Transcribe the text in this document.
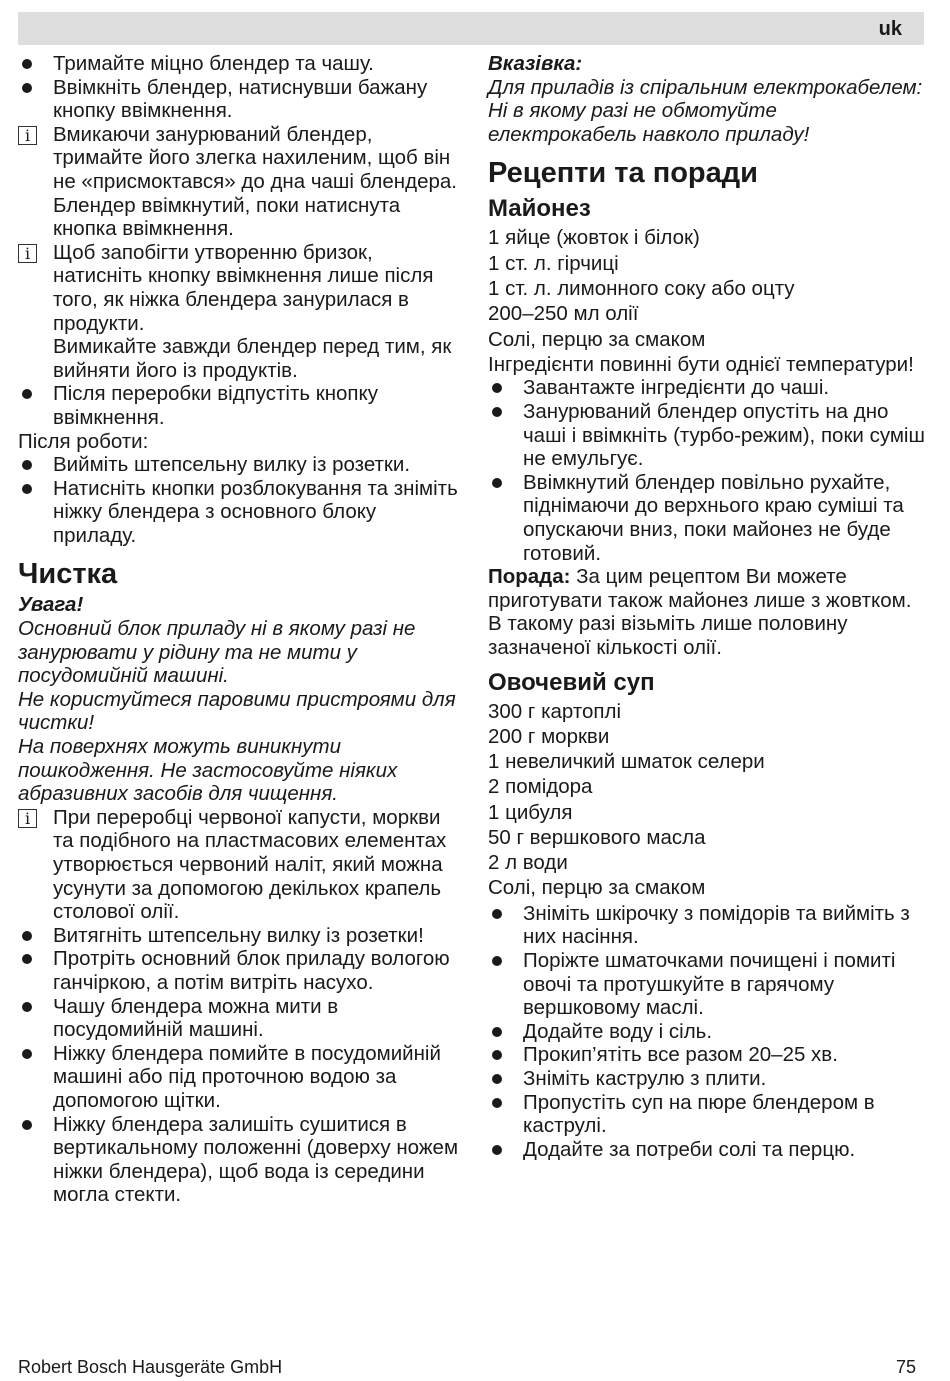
uk
Тримайте міцно блендер та чашу.
Ввімкніть блендер, натиснувши бажану кнопку ввімкнення.
i	Вмикаючи занурюваний блендер, тримайте його злегка нахиленим, щоб він не «присмоктався» до дна чаші блендера. Блендер ввімкнутий, поки натиснута кнопка ввімкнення.
i	Щоб запобігти утворенню бризок, натисніть кнопку ввімкнення лише після того, як ніжка блендера занурилася в продукти.
Вимикайте завжди блендер перед тим, як вийняти його із продуктів.
Після переробки відпустіть кнопку ввімкнення.
Після роботи:
Вийміть штепсельну вилку із розетки.
Натисніть кнопки розблокування та зніміть ніжку блендера з основного блоку приладу.
Чистка
Увага!
Основний блок приладу ні в якому разі не занурювати у рідину та не мити у посудомийній машині.
Не користуйтеся паровими пристроями для чистки!
На поверхнях можуть виникнути пошкодження. Не застосовуйте ніяких абразивних засобів для чищення.
i	При переробці червоної капусти, моркви та подібного на пластмасових елементах утворюється червоний наліт, який можна усунути за допомогою декількох крапель столової олії.
Витягніть штепсельну вилку із розетки!
Протріть основний блок приладу вологою ганчіркою, а потім витріть насухо.
Чашу блендера можна мити в посудомийній машині.
Ніжку блендера помийте в посудомийній машині або під проточною водою за допомогою щітки.
Ніжку блендера залишіть сушитися в вертикальному положенні (доверху ножем ніжки блендера), щоб вода із середини могла стекти.
Вказівка:
Для приладів із спіральним електрокабелем:
Ні в якому разі не обмотуйте електрокабель навколо приладу!
Рецепти та поради
Майонез
1 яйце (жовток і білок)
1 ст. л. гірчиці
1 ст. л. лимонного соку або оцту
200–250 мл олії
Солі, перцю за смаком
Інгредієнти повинні бути однієї температури!
Завантажте інгредієнти до чаші.
Занурюваний блендер опустіть на дно чаші і ввімкніть (турбо-режим), поки суміш не емульгує.
Ввімкнутий блендер повільно рухайте, піднімаючи до верхнього краю суміші та опускаючи вниз, поки майонез не буде готовий.
Порада: За цим рецептом Ви можете приготувати також майонез лише з жовтком. В такому разі візьміть лише половину зазначеної кількості олії.
Овочевий суп
300 г картоплі
200 г моркви
1 невеличкий шматок селери
2 помідора
1 цибуля
50 г вершкового масла
2 л води
Солі, перцю за смаком
Зніміть шкірочку з помідорів та вийміть з них насіння.
Поріжте шматочками почищені і помиті овочі та протушкуйте в гарячому вершковому маслі.
Додайте воду і сіль.
Прокип’ятіть все разом 20–25 хв.
Зніміть каструлю з плити.
Пропустіть суп на пюре блендером в каструлі.
Додайте за потреби солі та перцю.
Robert Bosch Hausgeräte GmbH	75
